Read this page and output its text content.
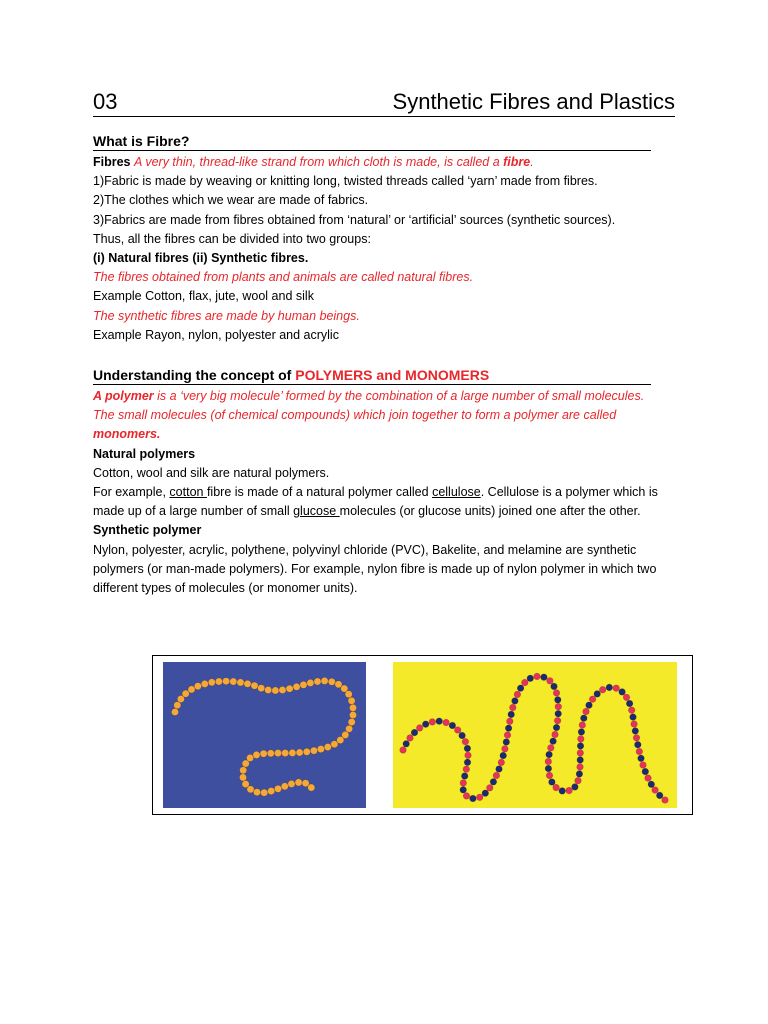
03	Synthetic Fibres and Plastics
What is Fibre?

Fibres A very thin, thread-like strand from which cloth is made, is called a fibre.

1)Fabric is made by weaving or knitting long, twisted threads called ‘yarn’ made from fibres.

2)The clothes which we wear are made of fabrics.

3)Fabrics are made from fibres obtained from ‘natural’ or ‘artificial’ sources (synthetic sources).

Thus, all the fibres can be divided into two groups:

(i) Natural fibres (ii) Synthetic fibres.

The fibres obtained from plants and animals are called natural fibres.

Example Cotton, flax, jute, wool and silk

The synthetic fibres are made by human beings.

Example Rayon, nylon, polyester and acrylic

Understanding the concept of POLYMERS and MONOMERS

A polymer is a ‘very big molecule’ formed by the combination of a large number of small molecules.

The small molecules (of chemical compounds) which join together to form a polymer are called monomers.

Natural polymers

Cotton, wool and silk are natural polymers.

For example, cotton fibre is made of a natural polymer called cellulose. Cellulose is a polymer which is made up of a large number of small glucose molecules (or glucose units) joined one after the other.

Synthetic polymer

Nylon, polyester, acrylic, polythene, polyvinyl chloride (PVC), Bakelite, and melamine are synthetic polymers (or man-made polymers). For example, nylon fibre is made up of nylon polymer in which two different types of molecules (or monomer units).
